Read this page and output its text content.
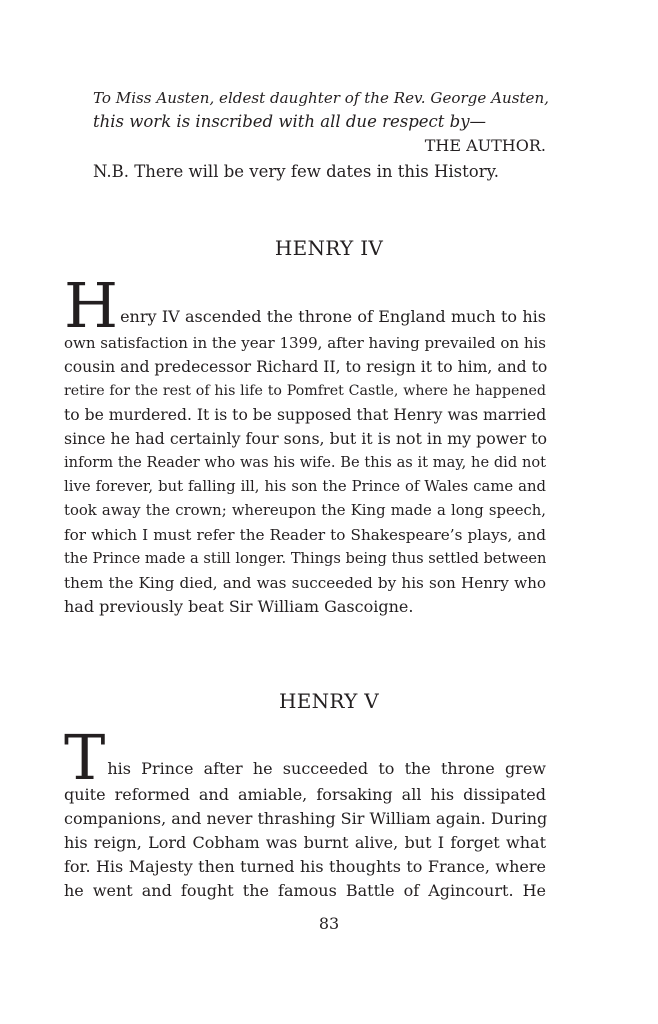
To Miss Austen, eldest daughter of the Rev. George Austen,
this work is inscribed with all due respect by—

THE AUTHOR.

N.B. There will be very few dates in this History.

HENRY IV
H enry IV ascended the throne of England much to his
own satisfaction in the year 1399, after having prevailed on his
cousin and predecessor Richard II, to resign it to him, and to
retire for the rest of his life to Pomfret Castle, where he happened
to be murdered. It is to be supposed that Henry was married
since he had certainly four sons, but it is not in my power to
inform the Reader who was his wife. Be this as it may, he did not
live forever, but falling ill, his son the Prince of Wales came and
took away the crown; whereupon the King made a long speech,
for which I must refer the Reader to Shakespeare’s plays, and
the Prince made a still longer. Things being thus settled between
them the King died, and was succeeded by his son Henry who
had previously beat Sir William Gascoigne.
HENRY V
T his Prince after he succeeded to the throne grew
quite reformed and amiable, forsaking all his dissipated
companions, and never thrashing Sir William again. During
his reign, Lord Cobham was burnt alive, but I forget what
for. His Majesty then turned his thoughts to France, where
he went and fought the famous Battle of Agincourt. He

83
